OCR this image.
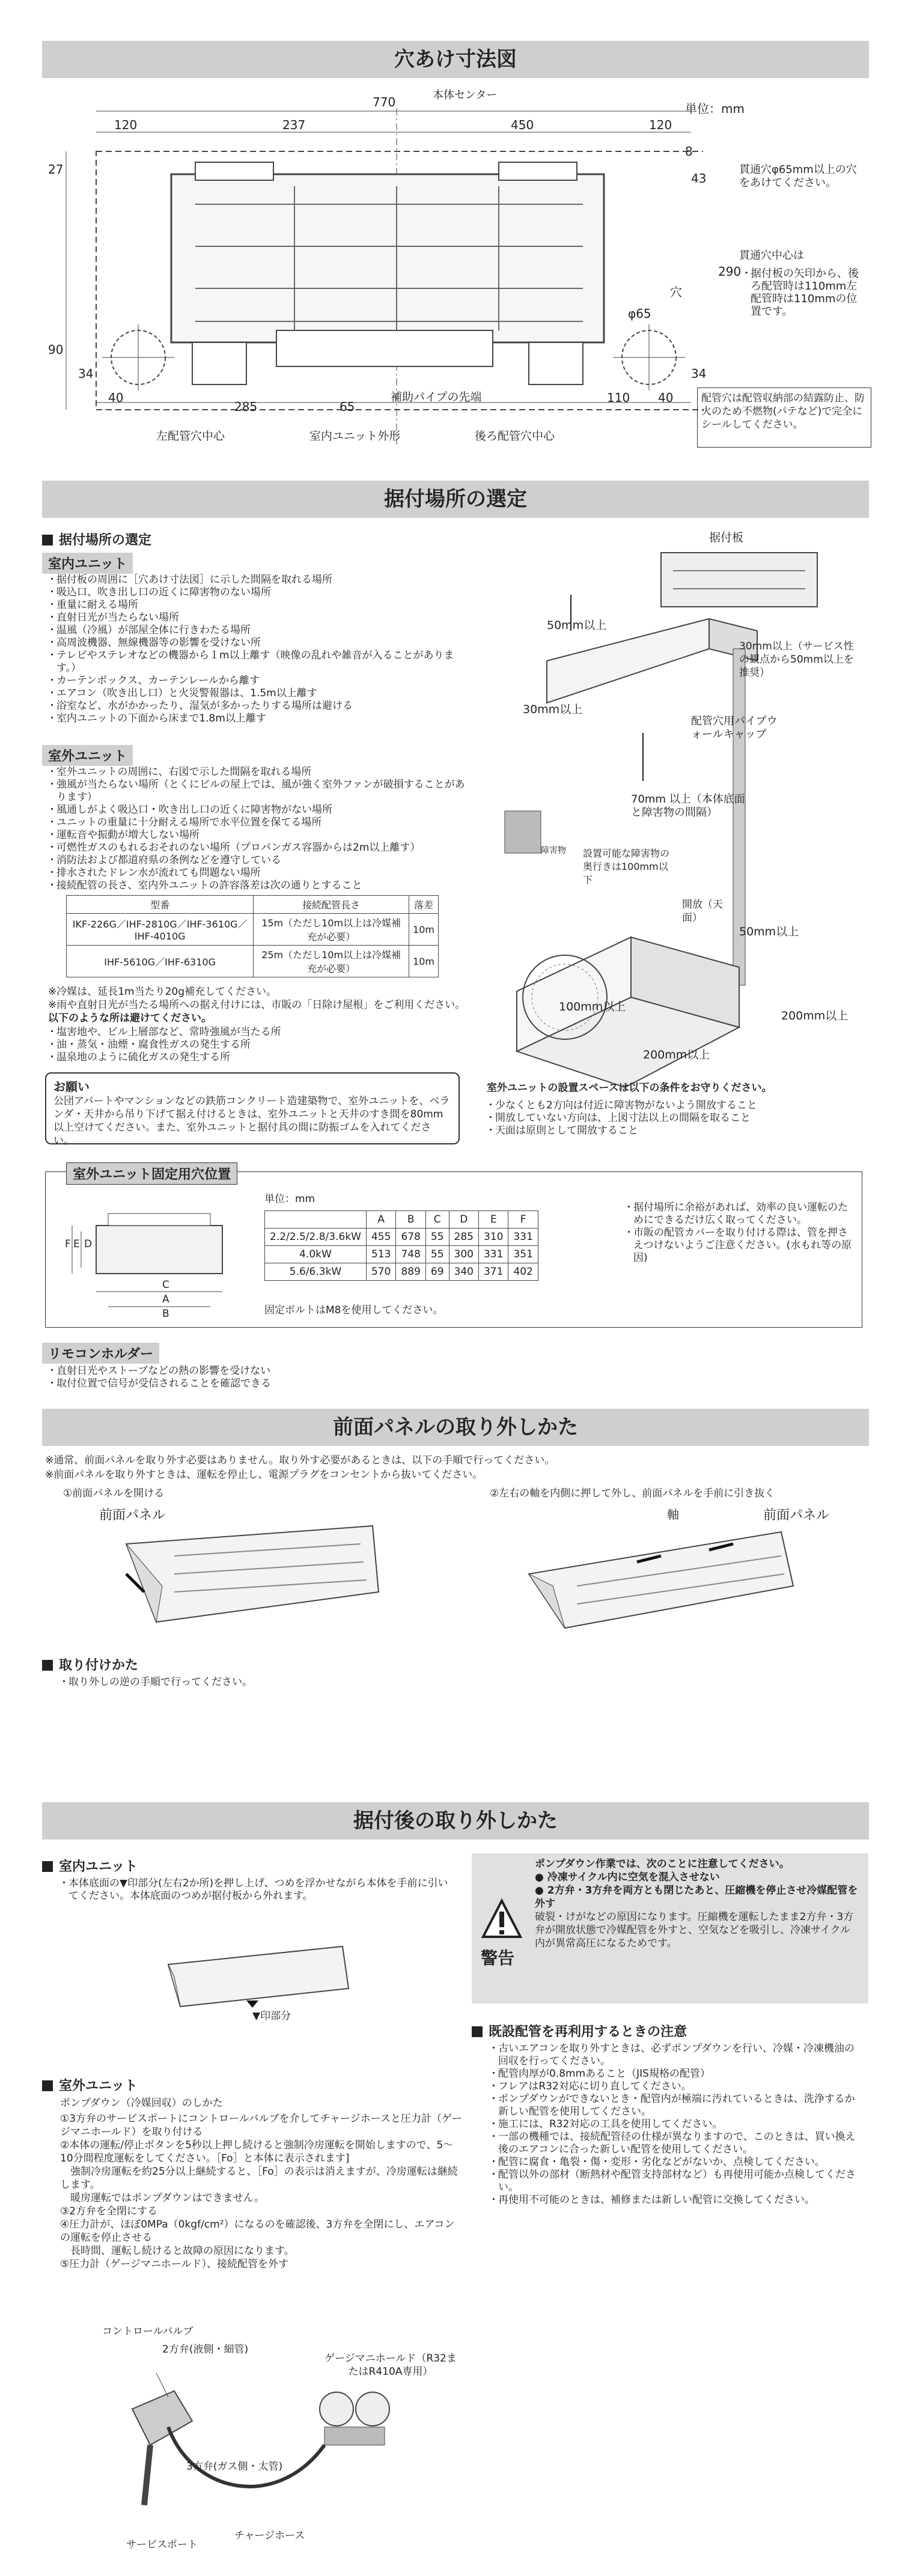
穴あけ寸法図
単位：mm
770	本体センター
120	237	450	120
27
8
43
290
90
34	34
φ65
穴
40
285	65
110 40
補助パイプの先端
左配管穴中心	室内ユニット外形	後ろ配管穴中心
貫通穴φ65mm以上の穴をあけてください。
貫通穴中心は
・ 据付板の矢印から、後ろ配管時は110mm左配管時は110mmの位置です。
配管穴は配管収納部の結露防止、防火のため不燃物(パテなど)で完全にシールしてください。
据付場所の選定
据付場所の選定
室内ユニット
・ 据付板の周囲に［穴あけ寸法図］に示した間隔を取れる場所
・ 吸込口、吹き出し口の近くに障害物のない場所
・ 重量に耐える場所
・ 直射日光が当たらない場所
・ 温風（冷風）が部屋全体に行きわたる場所
・ 高周波機器、無線機器等の影響を受けない所
・ テレビやステレオなどの機器から１m以上離す（映像の乱れや雑音が入ることがあります。）
・ カーテンボックス、カーテンレールから離す
・ エアコン（吹き出し口）と火災警報器は、1.5m以上離す
・ 浴室など、水がかかったり、湿気が多かったりする場所は避ける
・ 室内ユニットの下面から床まで1.8m以上離す
室外ユニット
・ 室外ユニットの周囲に、右図で示した間隔を取れる場所
・ 強風が当たらない場所（とくにビルの屋上では、風が強く室外ファンが破損することがあります）
・ 風通しがよく吸込口・吹き出し口の近くに障害物がない場所
・ ユニットの重量に十分耐える場所で水平位置を保てる場所
・ 運転音や振動が増大しない場所
・ 可燃性ガスのもれるおそれのない場所（プロパンガス容器からは2m以上離す）
・ 消防法および都道府県の条例などを遵守している
・ 排水されたドレン水が流れても問題ない場所
・ 接続配管の長さ、室内外ユニットの許容落差は次の通りとすること
型番	接続配管長さ	落差
IKF-226G／IHF-2810G／IHF-3610G／IHF-4010G	15m（ただし10m以上は冷媒補充が必要）	10m
IHF-5610G／IHF-6310G	25m（ただし10m以上は冷媒補充が必要）	10m
※冷媒は、延長1m当たり20g補充してください。
※雨や直射日光が当たる場所への据え付けには、市販の「日除け屋根」をご利用ください。
以下のような所は避けてください。
・ 塩害地や、ビル上層部など、常時強風が当たる所
・ 油・蒸気・油煙・腐食性ガスの発生する所
・ 温泉地のように硫化ガスの発生する所
お願い
公団アパートやマンションなどの鉄筋コンクリート造建築物で、室外ユニットを、ベランダ・天井から吊り下げて据え付けるときは、室外ユニットと天井のすき間を80mm以上空けてください。また、室外ユニットと据付具の間に防振ゴムを入れてください。
据付板
50mm以上
30mm以上（サービス性の観点から50mm以上を推奨）
30mm以上
配管穴用パイプウォールキャップ
70mm 以上（本体底面と障害物の間隔）
障害物 設置可能な障害物の奥行きは100mm以下
開放（天面）
50mm以上
100mm以上
200mm以上
200mm以上
室外ユニットの設置スペースは以下の条件をお守りください。
・ 少なくとも2方向は付近に障害物がないよう開放すること
・ 開放していない方向は、上図寸法以上の間隔を取ること
・ 天面は原則として開放すること
室外ユニット固定用穴位置
F E D
C
A
B
単位：mm
	A	B	C	D	E	F
2.2/2.5/2.8/3.6kW	455	678	55	285	310	331
4.0kW	513	748	55	300	331	351
5.6/6.3kW	570	889	69	340	371	402
固定ボルトはM8を使用してください。
・ 据付場所に余裕があれば、効率の良い運転のためにできるだけ広く取ってください。
・ 市販の配管カバーを取り付ける際は、管を押さえつけないようご注意ください。(水もれ等の原因)
リモコンホルダー
・ 直射日光やストーブなどの熱の影響を受けない
・ 取付位置で信号が受信されることを確認できる
前面パネルの取り外しかた
※通常、前面パネルを取り外す必要はありません。取り外す必要があるときは、以下の手順で行ってください。
※前面パネルを取り外すときは、運転を停止し、電源プラグをコンセントから抜いてください。
①前面パネルを開ける	②左右の軸を内側に押して外し、前面パネルを手前に引き抜く
前面パネル	軸	前面パネル
取り付けかた
・ 取り外しの逆の手順で行ってください。
据付後の取り外しかた
室内ユニット
・ 本体底面の▼印部分(左右2か所)を押し上げ、つめを浮かせながら本体を手前に引いてください。本体底面のつめが据付板から外れます。
▼印部分
室外ユニット
ポンプダウン（冷媒回収）のしかた
①3方弁のサービスポートにコントロールバルブを介してチャージホースと圧力計（ゲージマニホールド）を取り付ける
②本体の運転/停止ボタンを5秒以上押し続けると強制冷房運転を開始しますので、5～10分間程度運転をしてください。［Fo］と本体に表示されます]
　強制冷房運転を約25分以上継続すると、［Fo］の表示は消えますが、冷房運転は継続します。
　暖房運転ではポンプダウンはできません。
③2方弁を全閉にする
④圧力計が、ほぼ0MPa（0kgf/cm²）になるのを確認後、3方弁を全閉にし、エアコンの運転を停止させる
　長時間、運転し続けると故障の原因になります。
⑤圧力計（ゲージマニホールド）、接続配管を外す
コントロールバルブ
2方弁(液側・細管)
ゲージマニホールド（R32またはR410A専用）
3方弁(ガス側・太管)
サービスポート
チャージホース
警告
ポンプダウン作業では、次のことに注意してください。
● 冷凍サイクル内に空気を混入させない
● 2方弁・3方弁を両方とも閉じたあと、圧縮機を停止させ冷媒配管を外す
破裂・けがなどの原因になります。圧縮機を運転したまま2方弁・3方弁が開放状態で冷媒配管を外すと、空気などを吸引し、冷凍サイクル内が異常高圧になるためです。
既設配管を再利用するときの注意
・ 古いエアコンを取り外すときは、必ずポンプダウンを行い、冷媒・冷凍機油の回収を行ってください。
・ 配管肉厚が0.8mmあること（JIS規格の配管）
・ フレアはR32対応に切り直してください。
・ ポンプダウンができないとき・配管内が極端に汚れているときは、洗浄するか新しい配管を使用してください。
・ 施工には、R32対応の工具を使用してください。
・ 一部の機種では、接続配管径の仕様が異なりますので、このときは、買い換え後のエアコンに合った新しい配管を使用してください。
・ 配管に腐食・亀裂・傷・変形・劣化などがないか、点検してください。
・ 配管以外の部材（断熱材や配管支持部材など）も再使用可能か点検してください。
・ 再使用不可能のときは、補修または新しい配管に交換してください。
